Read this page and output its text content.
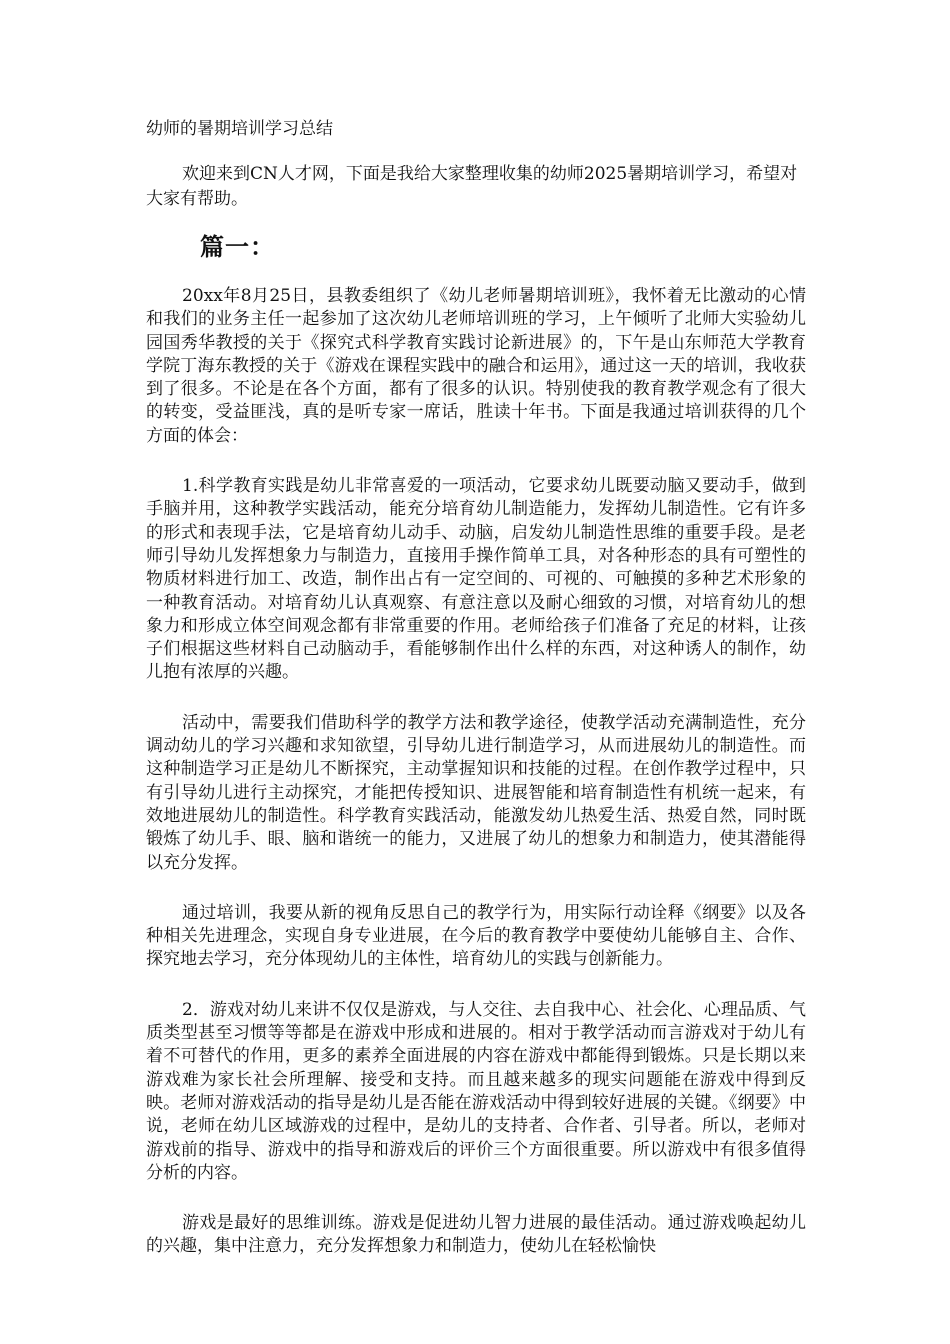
幼师的暑期培训学习总结

欢迎来到CN人才网，下面是我给大家整理收集的幼师2025暑期培训学习，希望对大家有帮助。

篇一：

20xx年8月25日，县教委组织了《幼儿老师暑期培训班》，我怀着无比激动的心情和我们的业务主任一起参加了这次幼儿老师培训班的学习，上午倾听了北师大实验幼儿园国秀华教授的关于《探究式科学教育实践讨论新进展》的，下午是山东师范大学教育学院丁海东教授的关于《游戏在课程实践中的融合和运用》，通过这一天的培训，我收获到了很多。不论是在各个方面，都有了很多的认识。特别使我的教育教学观念有了很大的转变，受益匪浅，真的是听专家一席话，胜读十年书。下面是我通过培训获得的几个方面的体会：

1.科学教育实践是幼儿非常喜爱的一项活动，它要求幼儿既要动脑又要动手，做到手脑并用，这种教学实践活动，能充分培育幼儿制造能力，发挥幼儿制造性。它有许多的形式和表现手法，它是培育幼儿动手、动脑，启发幼儿制造性思维的重要手段。是老师引导幼儿发挥想象力与制造力，直接用手操作简单工具，对各种形态的具有可塑性的物质材料进行加工、改造，制作出占有一定空间的、可视的、可触摸的多种艺术形象的一种教育活动。对培育幼儿认真观察、有意注意以及耐心细致的习惯，对培育幼儿的想象力和形成立体空间观念都有非常重要的作用。老师给孩子们准备了充足的材料，让孩子们根据这些材料自己动脑动手，看能够制作出什么样的东西，对这种诱人的制作，幼儿抱有浓厚的兴趣。

活动中，需要我们借助科学的教学方法和教学途径，使教学活动充满制造性，充分调动幼儿的学习兴趣和求知欲望，引导幼儿进行制造学习，从而进展幼儿的制造性。而这种制造学习正是幼儿不断探究，主动掌握知识和技能的过程。在创作教学过程中，只有引导幼儿进行主动探究，才能把传授知识、进展智能和培育制造性有机统一起来，有效地进展幼儿的制造性。科学教育实践活动，能激发幼儿热爱生活、热爱自然，同时既锻炼了幼儿手、眼、脑和谐统一的能力，又进展了幼儿的想象力和制造力，使其潜能得以充分发挥。

通过培训，我要从新的视角反思自己的教学行为，用实际行动诠释《纲要》以及各种相关先进理念，实现自身专业进展，在今后的教育教学中要使幼儿能够自主、合作、探究地去学习，充分体现幼儿的主体性，培育幼儿的实践与创新能力。

2．游戏对幼儿来讲不仅仅是游戏，与人交往、去自我中心、社会化、心理品质、气质类型甚至习惯等等都是在游戏中形成和进展的。相对于教学活动而言游戏对于幼儿有着不可替代的作用，更多的素养全面进展的内容在游戏中都能得到锻炼。只是长期以来游戏难为家长社会所理解、接受和支持。而且越来越多的现实问题能在游戏中得到反映。老师对游戏活动的指导是幼儿是否能在游戏活动中得到较好进展的关键。《纲要》中说，老师在幼儿区域游戏的过程中，是幼儿的支持者、合作者、引导者。所以，老师对游戏前的指导、游戏中的指导和游戏后的评价三个方面很重要。所以游戏中有很多值得分析的内容。

游戏是最好的思维训练。游戏是促进幼儿智力进展的最佳活动。通过游戏唤起幼儿的兴趣，集中注意力，充分发挥想象力和制造力，使幼儿在轻松愉快
